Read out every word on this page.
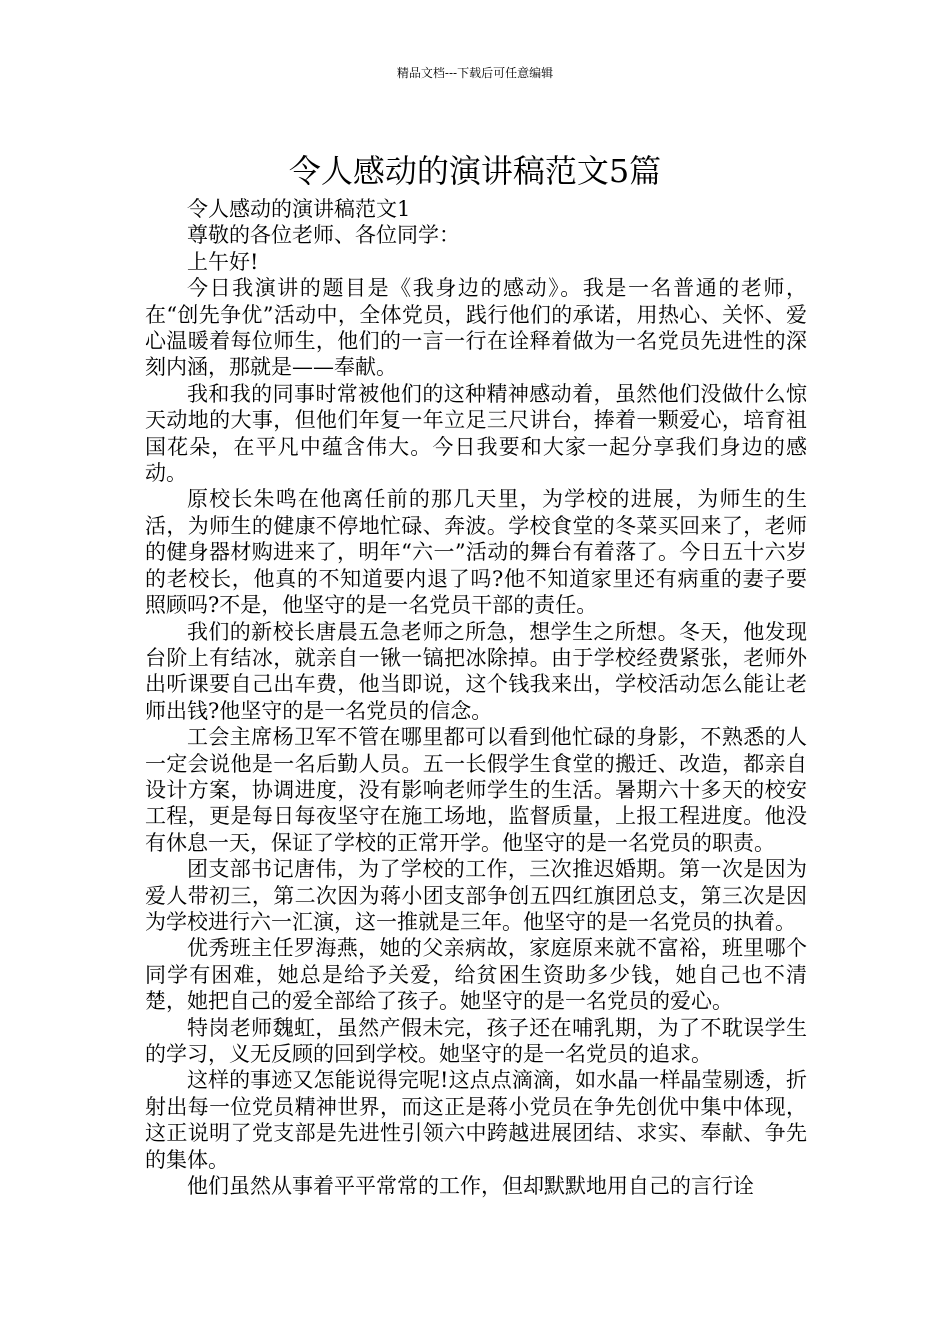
精品文档---下载后可任意编辑
令人感动的演讲稿范文5篇

令人感动的演讲稿范文1

尊敬的各位老师、各位同学：

上午好!

今日我演讲的题目是《我身边的感动》。我是一名普通的老师，在“创先争优”活动中，全体党员，践行他们的承诺，用热心、关怀、爱心温暖着每位师生，他们的一言一行在诠释着做为一名党员先进性的深刻内涵，那就是——奉献。

我和我的同事时常被他们的这种精神感动着，虽然他们没做什么惊天动地的大事，但他们年复一年立足三尺讲台，捧着一颗爱心，培育祖国花朵，在平凡中蕴含伟大。今日我要和大家一起分享我们身边的感动。

原校长朱鸣在他离任前的那几天里，为学校的进展，为师生的生活，为师生的健康不停地忙碌、奔波。学校食堂的冬菜买回来了，老师的健身器材购进来了，明年“六一”活动的舞台有着落了。今日五十六岁的老校长，他真的不知道要内退了吗?他不知道家里还有病重的妻子要照顾吗?不是，他坚守的是一名党员干部的责任。

我们的新校长唐晨五急老师之所急，想学生之所想。冬天，他发现台阶上有结冰，就亲自一锹一镐把冰除掉。由于学校经费紧张，老师外出听课要自己出车费，他当即说，这个钱我来出，学校活动怎么能让老师出钱?他坚守的是一名党员的信念。

工会主席杨卫军不管在哪里都可以看到他忙碌的身影，不熟悉的人一定会说他是一名后勤人员。五一长假学生食堂的搬迁、改造，都亲自设计方案，协调进度，没有影响老师学生的生活。暑期六十多天的校安工程，更是每日每夜坚守在施工场地，监督质量，上报工程进度。他没有休息一天，保证了学校的正常开学。他坚守的是一名党员的职责。

团支部书记唐伟，为了学校的工作，三次推迟婚期。第一次是因为爱人带初三，第二次因为蒋小团支部争创五四红旗团总支，第三次是因为学校进行六一汇演，这一推就是三年。他坚守的是一名党员的执着。

优秀班主任罗海燕，她的父亲病故，家庭原来就不富裕，班里哪个同学有困难，她总是给予关爱，给贫困生资助多少钱，她自己也不清楚，她把自己的爱全部给了孩子。她坚守的是一名党员的爱心。

特岗老师魏虹，虽然产假未完，孩子还在哺乳期，为了不耽误学生的学习，义无反顾的回到学校。她坚守的是一名党员的追求。

这样的事迹又怎能说得完呢!这点点滴滴，如水晶一样晶莹剔透，折射出每一位党员精神世界，而这正是蒋小党员在争先创优中集中体现，这正说明了党支部是先进性引领六中跨越进展团结、求实、奉献、争先的集体。

他们虽然从事着平平常常的工作，但却默默地用自己的言行诠
